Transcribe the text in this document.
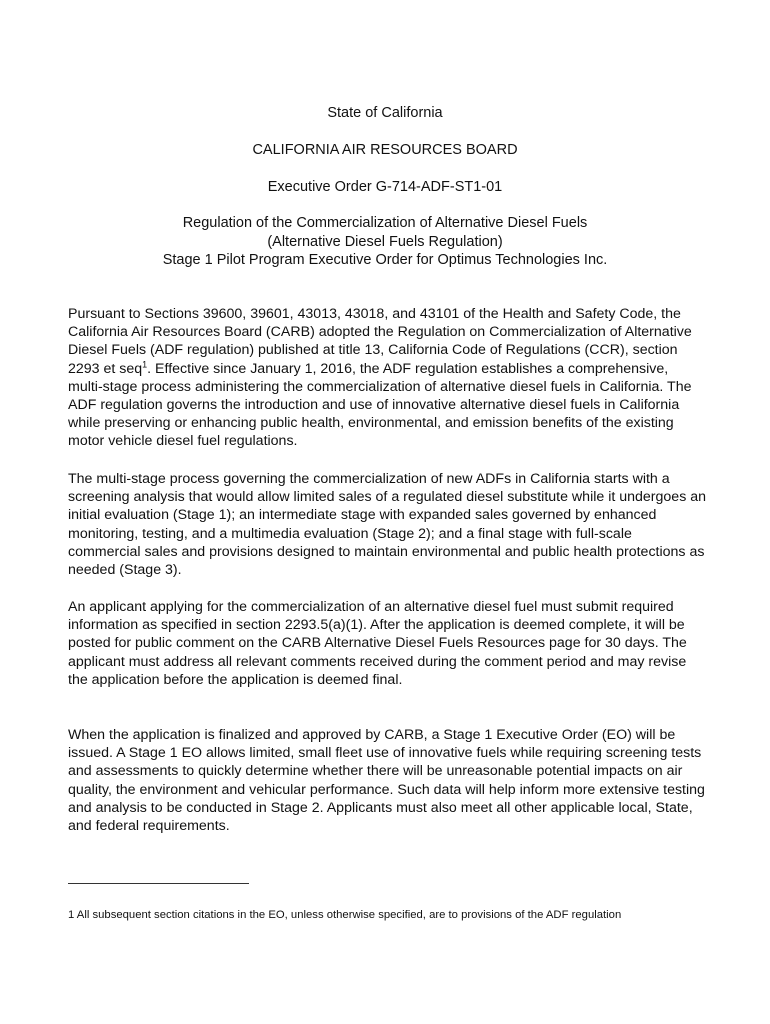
State of California
CALIFORNIA AIR RESOURCES BOARD
Executive Order G-714-ADF-ST1-01
Regulation of the Commercialization of Alternative Diesel Fuels
(Alternative Diesel Fuels Regulation)
Stage 1 Pilot Program Executive Order for Optimus Technologies Inc.

Pursuant to Sections 39600, 39601, 43013, 43018, and 43101 of the Health and Safety Code, the California Air Resources Board (CARB) adopted the Regulation on Commercialization of Alternative Diesel Fuels (ADF regulation) published at title 13, California Code of Regulations (CCR), section 2293 et seq$^1$. Effective since January 1, 2016, the ADF regulation establishes a comprehensive, multi-stage process administering the commercialization of alternative diesel fuels in California. The ADF regulation governs the introduction and use of innovative alternative diesel fuels in California while preserving or enhancing public health, environmental, and emission benefits of the existing motor vehicle diesel fuel regulations.

The multi-stage process governing the commercialization of new ADFs in California starts with a screening analysis that would allow limited sales of a regulated diesel substitute while it undergoes an initial evaluation (Stage 1); an intermediate stage with expanded sales governed by enhanced monitoring, testing, and a multimedia evaluation (Stage 2); and a final stage with full-scale commercial sales and provisions designed to maintain environmental and public health protections as needed (Stage 3).

An applicant applying for the commercialization of an alternative diesel fuel must submit required information as specified in section 2293.5(a)(1). After the application is deemed complete, it will be posted for public comment on the CARB Alternative Diesel Fuels Resources page for 30 days. The applicant must address all relevant comments received during the comment period and may revise the application before the application is deemed final.

When the application is finalized and approved by CARB, a Stage 1 Executive Order (EO) will be issued. A Stage 1 EO allows limited, small fleet use of innovative fuels while requiring screening tests and assessments to quickly determine whether there will be unreasonable potential impacts on air quality, the environment and vehicular performance. Such data will help inform more extensive testing and analysis to be conducted in Stage 2. Applicants must also meet all other applicable local, State, and federal requirements.

1 All subsequent section citations in the EO, unless otherwise specified, are to provisions of the ADF regulation
